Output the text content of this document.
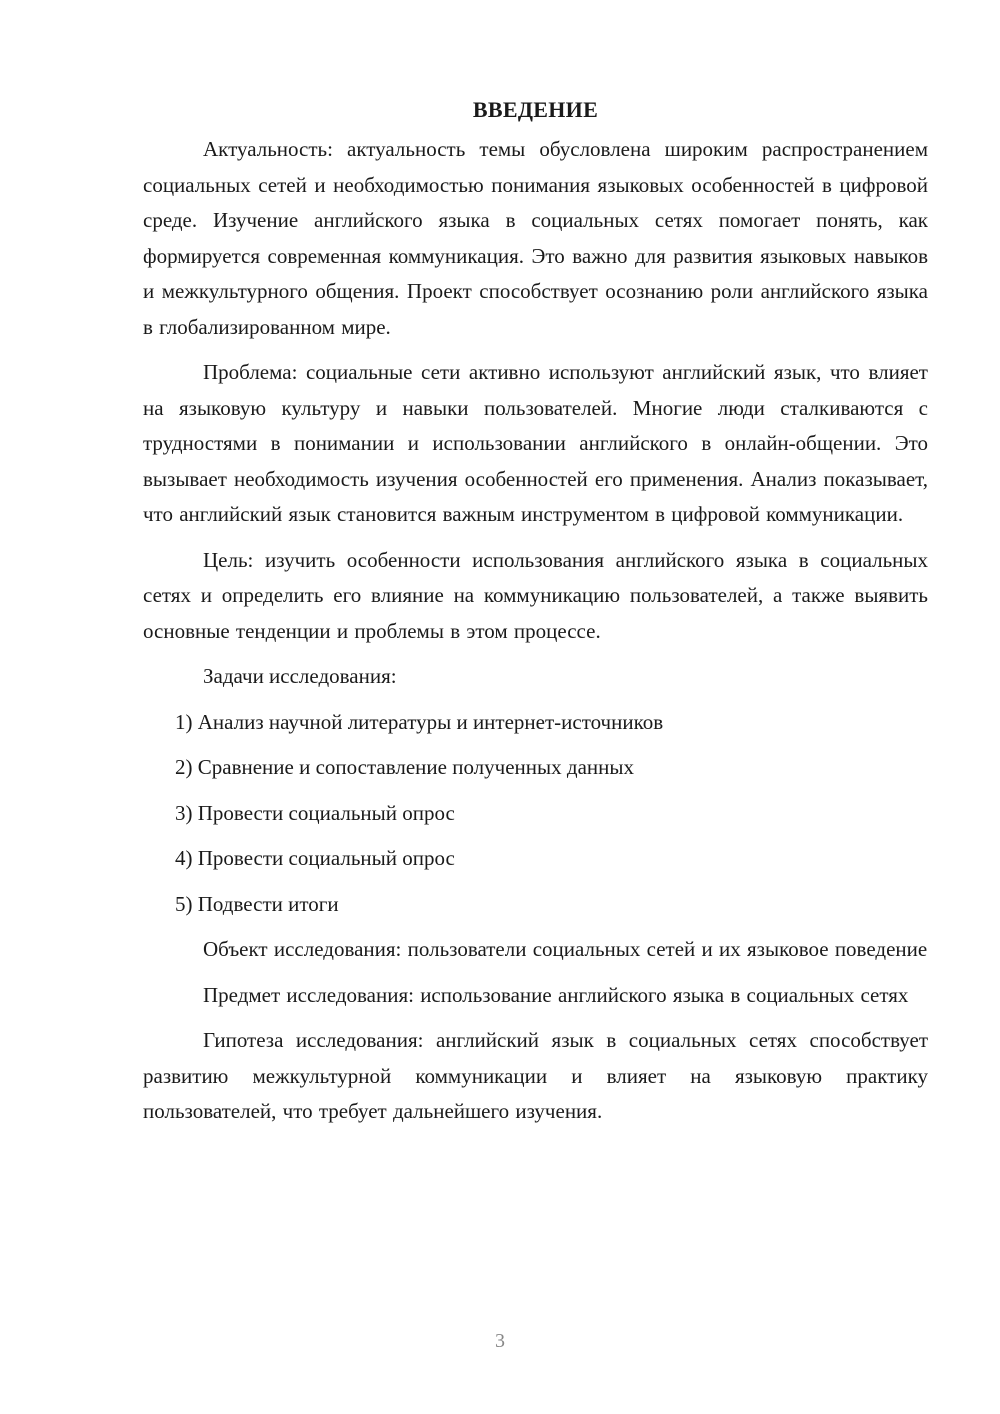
ВВЕДЕНИЕ

Актуальность: актуальность темы обусловлена широким распространением социальных сетей и необходимостью понимания языковых особенностей в цифровой среде. Изучение английского языка в социальных сетях помогает понять, как формируется современная коммуникация. Это важно для развития языковых навыков и межкультурного общения. Проект способствует осознанию роли английского языка в глобализированном мире.

Проблема: социальные сети активно используют английский язык, что влияет на языковую культуру и навыки пользователей. Многие люди сталкиваются с трудностями в понимании и использовании английского в онлайн-общении. Это вызывает необходимость изучения особенностей его применения. Анализ показывает, что английский язык становится важным инструментом в цифровой коммуникации.

Цель: изучить особенности использования английского языка в социальных сетях и определить его влияние на коммуникацию пользователей, а также выявить основные тенденции и проблемы в этом процессе.

Задачи исследования:

1) Анализ научной литературы и интернет-источников
2) Сравнение и сопоставление полученных данных
3) Провести социальный опрос
4) Провести социальный опрос
5) Подвести итоги

Объект исследования: пользователи социальных сетей и их языковое поведение

Предмет исследования: использование английского языка в социальных сетях

Гипотеза исследования: английский язык в социальных сетях способствует развитию межкультурной коммуникации и влияет на языковую практику пользователей, что требует дальнейшего изучения.

3
